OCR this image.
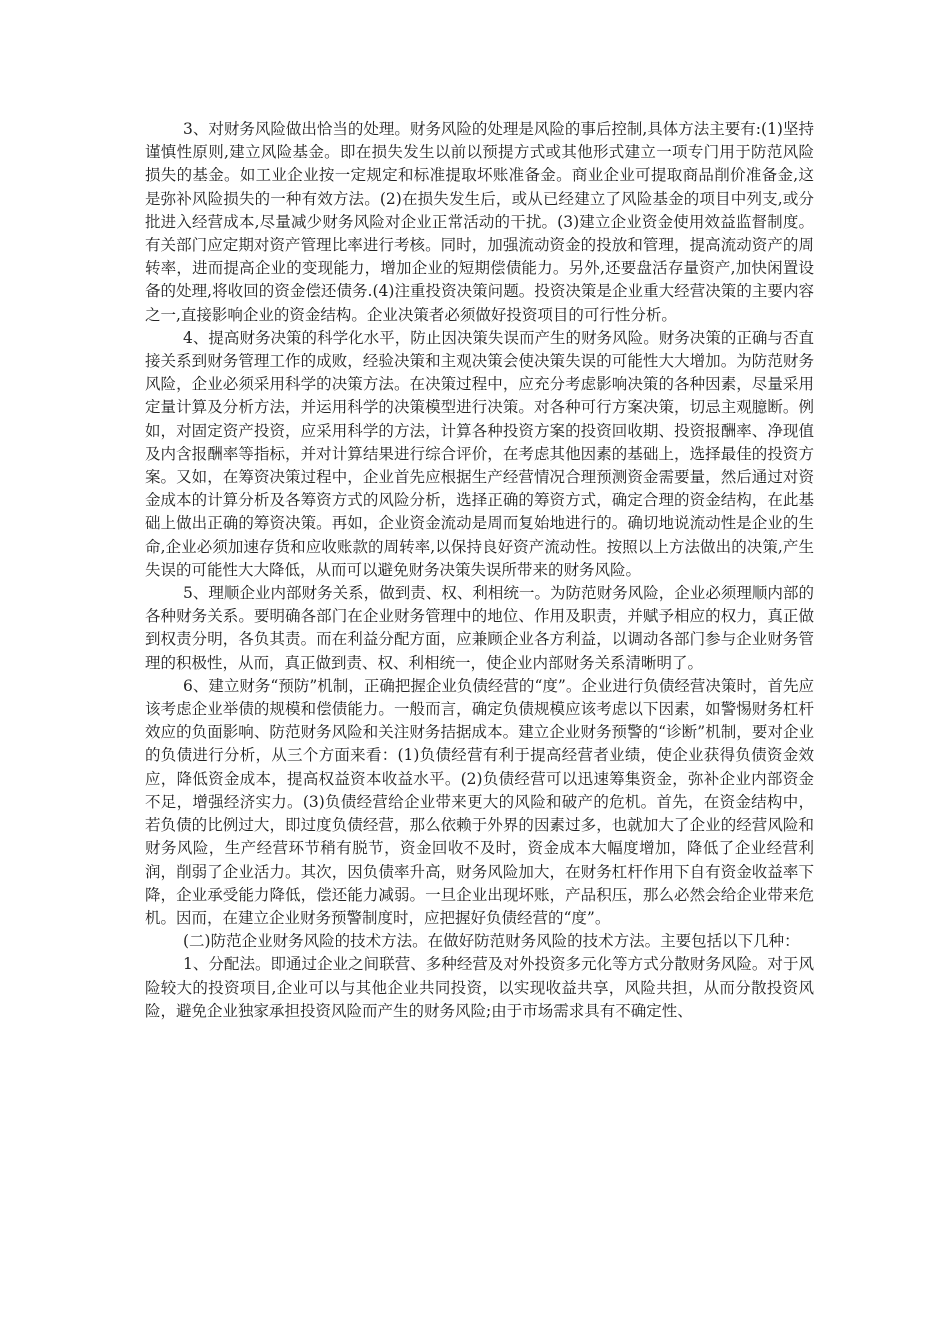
3、对财务风险做出恰当的处理。财务风险的处理是风险的事后控制,具体方法主要有:(1)坚持谨慎性原则,建立风险基金。即在损失发生以前以预提方式或其他形式建立一项专门用于防范风险损失的基金。如工业企业按一定规定和标准提取坏账准备金。商业企业可提取商品削价准备金,这是弥补风险损失的一种有效方法。(2)在损失发生后，或从已经建立了风险基金的项目中列支,或分批进入经营成本,尽量减少财务风险对企业正常活动的干扰。(3)建立企业资金使用效益监督制度。有关部门应定期对资产管理比率进行考核。同时，加强流动资金的投放和管理，提高流动资产的周转率，进而提高企业的变现能力，增加企业的短期偿债能力。另外,还要盘活存量资产,加快闲置设备的处理,将收回的资金偿还债务.(4)注重投资决策问题。投资决策是企业重大经营决策的主要内容之一,直接影响企业的资金结构。企业决策者必须做好投资项目的可行性分析。

4、提高财务决策的科学化水平，防止因决策失误而产生的财务风险。财务决策的正确与否直接关系到财务管理工作的成败，经验决策和主观决策会使决策失误的可能性大大增加。为防范财务风险，企业必须采用科学的决策方法。在决策过程中，应充分考虑影响决策的各种因素，尽量采用定量计算及分析方法，并运用科学的决策模型进行决策。对各种可行方案决策，切忌主观臆断。例如，对固定资产投资，应采用科学的方法，计算各种投资方案的投资回收期、投资报酬率、净现值及内含报酬率等指标，并对计算结果进行综合评价，在考虑其他因素的基础上，选择最佳的投资方案。又如，在筹资决策过程中，企业首先应根据生产经营情况合理预测资金需要量，然后通过对资金成本的计算分析及各筹资方式的风险分析，选择正确的筹资方式，确定合理的资金结构，在此基础上做出正确的筹资决策。再如，企业资金流动是周而复始地进行的。确切地说流动性是企业的生命,企业必须加速存货和应收账款的周转率,以保持良好资产流动性。按照以上方法做出的决策,产生失误的可能性大大降低，从而可以避免财务决策失误所带来的财务风险。

5、理顺企业内部财务关系，做到责、权、利相统一。为防范财务风险，企业必须理顺内部的各种财务关系。要明确各部门在企业财务管理中的地位、作用及职责，并赋予相应的权力，真正做到权责分明，各负其责。而在利益分配方面，应兼顾企业各方利益，以调动各部门参与企业财务管理的积极性，从而，真正做到责、权、利相统一，使企业内部财务关系清晰明了。

6、建立财务“预防”机制，正确把握企业负债经营的“度”。企业进行负债经营决策时，首先应该考虑企业举债的规模和偿债能力。一般而言，确定负债规模应该考虑以下因素，如警惕财务杠杆效应的负面影响、防范财务风险和关注财务拮据成本。建立企业财务预警的“诊断”机制，要对企业的负债进行分析，从三个方面来看：(1)负债经营有利于提高经营者业绩，使企业获得负债资金效应，降低资金成本，提高权益资本收益水平。(2)负债经营可以迅速筹集资金，弥补企业内部资金不足，增强经济实力。(3)负债经营给企业带来更大的风险和破产的危机。首先，在资金结构中，若负债的比例过大，即过度负债经营，那么依赖于外界的因素过多，也就加大了企业的经营风险和财务风险，生产经营环节稍有脱节，资金回收不及时，资金成本大幅度增加，降低了企业经营利润，削弱了企业活力。其次，因负债率升高，财务风险加大，在财务杠杆作用下自有资金收益率下降，企业承受能力降低，偿还能力减弱。一旦企业出现坏账，产品积压，那么必然会给企业带来危机。因而，在建立企业财务预警制度时，应把握好负债经营的“度”。

(二)防范企业财务风险的技术方法。在做好防范财务风险的技术方法。主要包括以下几种：

1、分配法。即通过企业之间联营、多种经营及对外投资多元化等方式分散财务风险。对于风险较大的投资项目,企业可以与其他企业共同投资，以实现收益共享，风险共担，从而分散投资风险，避免企业独家承担投资风险而产生的财务风险;由于市场需求具有不确定性、
